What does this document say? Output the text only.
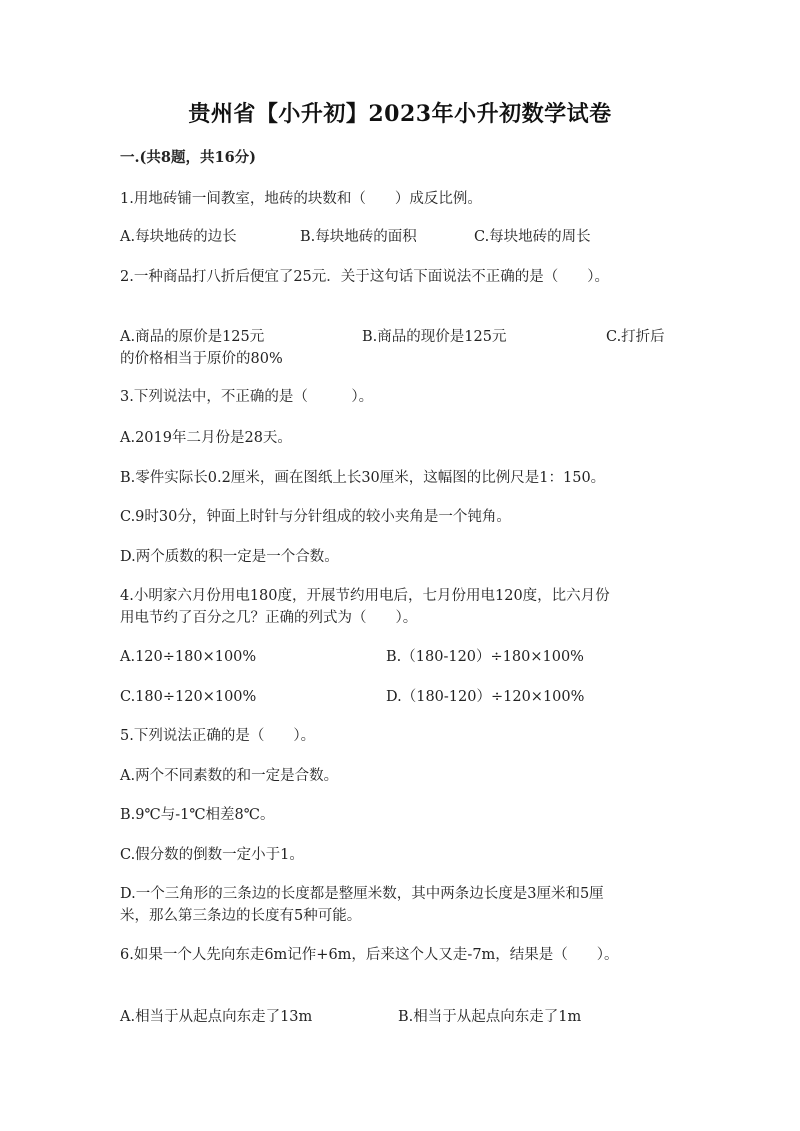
贵州省【小升初】2023年小升初数学试卷
一.(共8题，共16分)
1.用地砖铺一间教室，地砖的块数和（　　）成反比例。
A.每块地砖的边长	B.每块地砖的面积	C.每块地砖的周长
2.一种商品打八折后便宜了25元．关于这句话下面说法不正确的是（　　）。
A.商品的原价是125元	B.商品的现价是125元	C.打折后
的价格相当于原价的80%
3.下列说法中，不正确的是（　　　）。
A.2019年二月份是28天。
B.零件实际长0.2厘米，画在图纸上长30厘米，这幅图的比例尺是1：150。
C.9时30分，钟面上时针与分针组成的较小夹角是一个钝角。
D.两个质数的积一定是一个合数。
4.小明家六月份用电180度，开展节约用电后，七月份用电120度，比六月份
用电节约了百分之几？正确的列式为（　　）。
A.120÷180×100%	B.（180-120）÷180×100%
C.180÷120×100%	D.（180-120）÷120×100%
5.下列说法正确的是（　　）。
A.两个不同素数的和一定是合数。
B.9℃与-1℃相差8℃。
C.假分数的倒数一定小于1。
D.一个三角形的三条边的长度都是整厘米数，其中两条边长度是3厘米和5厘
米，那么第三条边的长度有5种可能。
6.如果一个人先向东走6m记作+6m，后来这个人又走-7m，结果是（　　）。
A.相当于从起点向东走了13m	B.相当于从起点向东走了1m
